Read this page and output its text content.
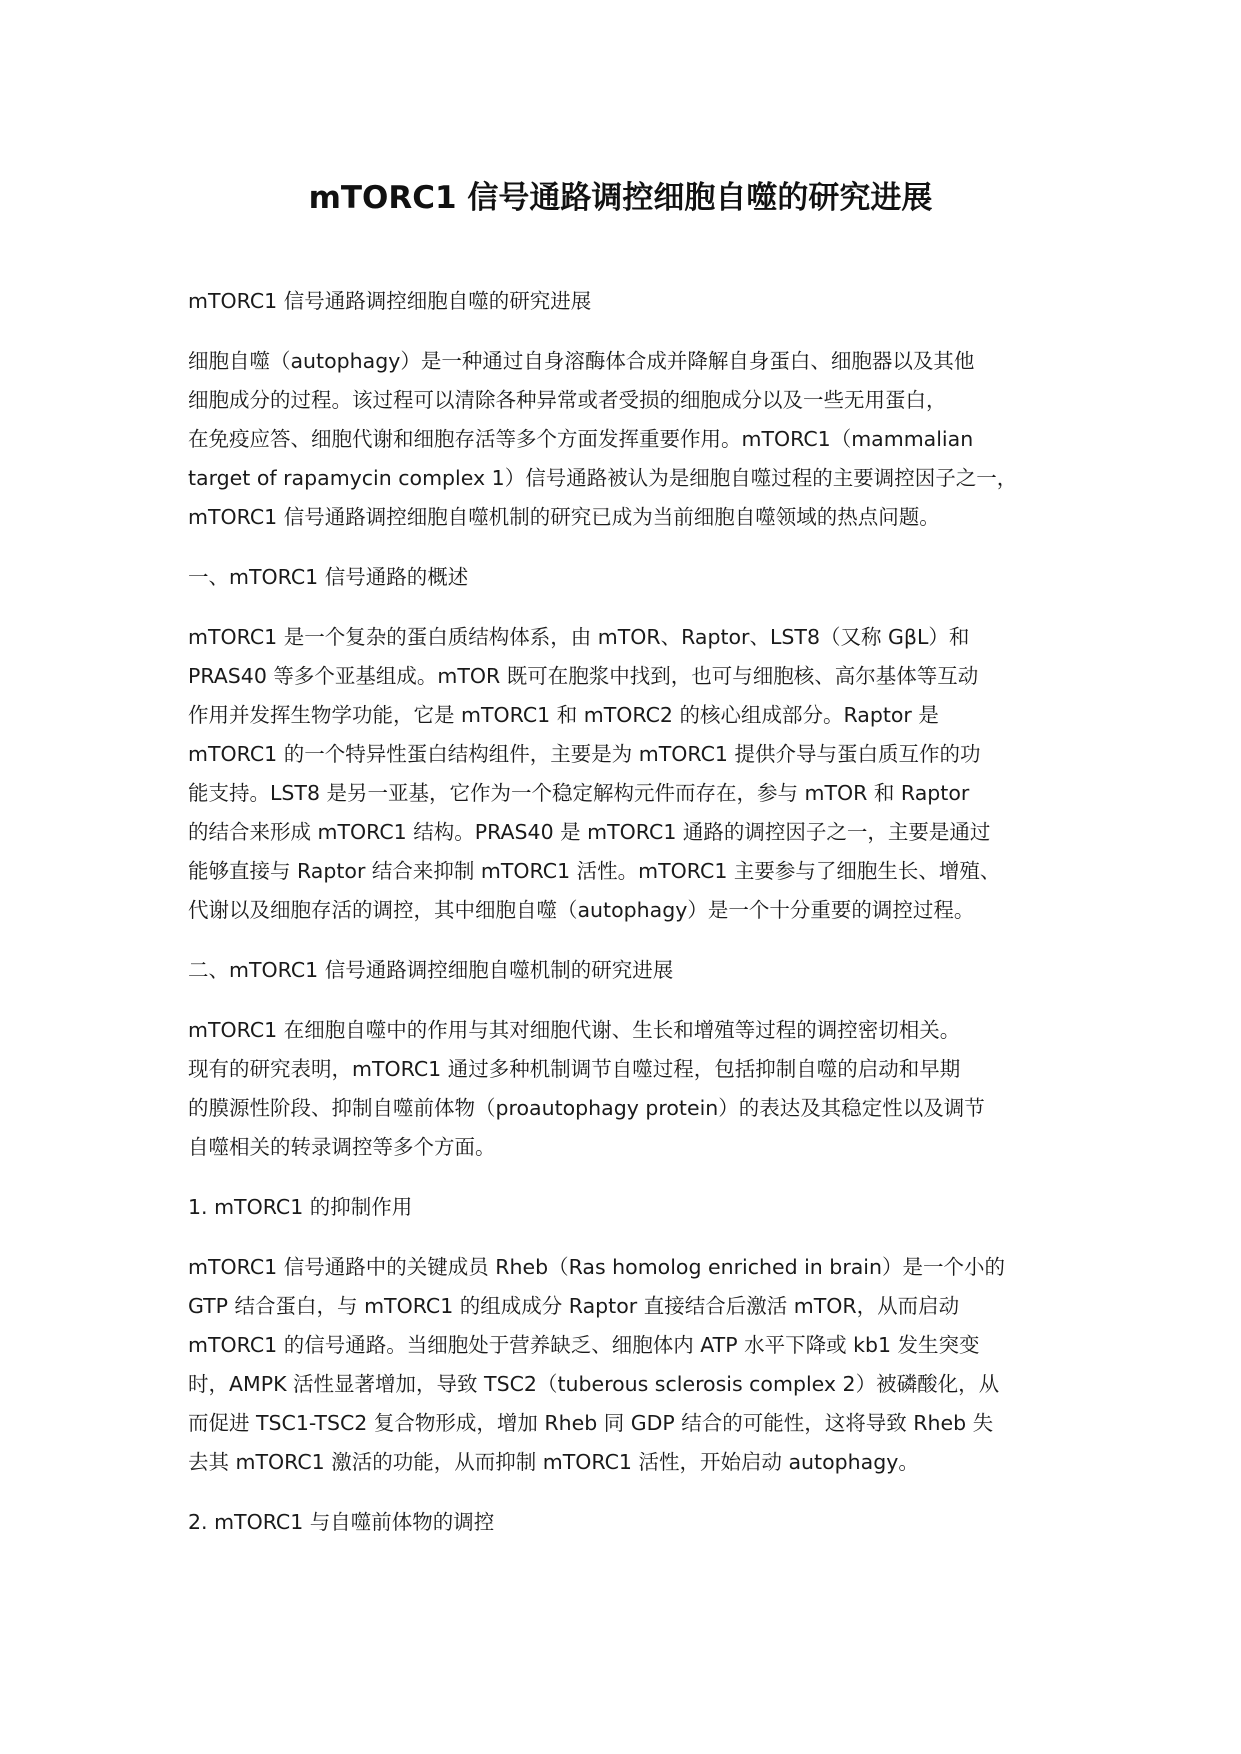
mTORC1 信号通路调控细胞自噬的研究进展

mTORC1 信号通路调控细胞自噬的研究进展

细胞自噬（autophagy）是一种通过自身溶酶体合成并降解自身蛋白、细胞器以及其他
细胞成分的过程。该过程可以清除各种异常或者受损的细胞成分以及一些无用蛋白，
在免疫应答、细胞代谢和细胞存活等多个方面发挥重要作用。mTORC1（mammalian
target of rapamycin complex 1）信号通路被认为是细胞自噬过程的主要调控因子之一，
mTORC1 信号通路调控细胞自噬机制的研究已成为当前细胞自噬领域的热点问题。

一、mTORC1 信号通路的概述

mTORC1 是一个复杂的蛋白质结构体系，由 mTOR、Raptor、LST8（又称 GβL）和
PRAS40 等多个亚基组成。mTOR 既可在胞浆中找到，也可与细胞核、高尔基体等互动
作用并发挥生物学功能，它是 mTORC1 和 mTORC2 的核心组成部分。Raptor 是
mTORC1 的一个特异性蛋白结构组件，主要是为 mTORC1 提供介导与蛋白质互作的功
能支持。LST8 是另一亚基，它作为一个稳定解构元件而存在，参与 mTOR 和 Raptor
的结合来形成 mTORC1 结构。PRAS40 是 mTORC1 通路的调控因子之一，主要是通过
能够直接与 Raptor 结合来抑制 mTORC1 活性。mTORC1 主要参与了细胞生长、增殖、
代谢以及细胞存活的调控，其中细胞自噬（autophagy）是一个十分重要的调控过程。

二、mTORC1 信号通路调控细胞自噬机制的研究进展

mTORC1 在细胞自噬中的作用与其对细胞代谢、生长和增殖等过程的调控密切相关。
现有的研究表明，mTORC1 通过多种机制调节自噬过程，包括抑制自噬的启动和早期
的膜源性阶段、抑制自噬前体物（proautophagy protein）的表达及其稳定性以及调节
自噬相关的转录调控等多个方面。

1. mTORC1 的抑制作用

mTORC1 信号通路中的关键成员 Rheb（Ras homolog enriched in brain）是一个小的
GTP 结合蛋白，与 mTORC1 的组成成分 Raptor 直接结合后激活 mTOR，从而启动
mTORC1 的信号通路。当细胞处于营养缺乏、细胞体内 ATP 水平下降或 kb1 发生突变
时，AMPK 活性显著增加，导致 TSC2（tuberous sclerosis complex 2）被磷酸化，从
而促进 TSC1-TSC2 复合物形成，增加 Rheb 同 GDP 结合的可能性，这将导致 Rheb 失
去其 mTORC1 激活的功能，从而抑制 mTORC1 活性，开始启动 autophagy。

2. mTORC1 与自噬前体物的调控
